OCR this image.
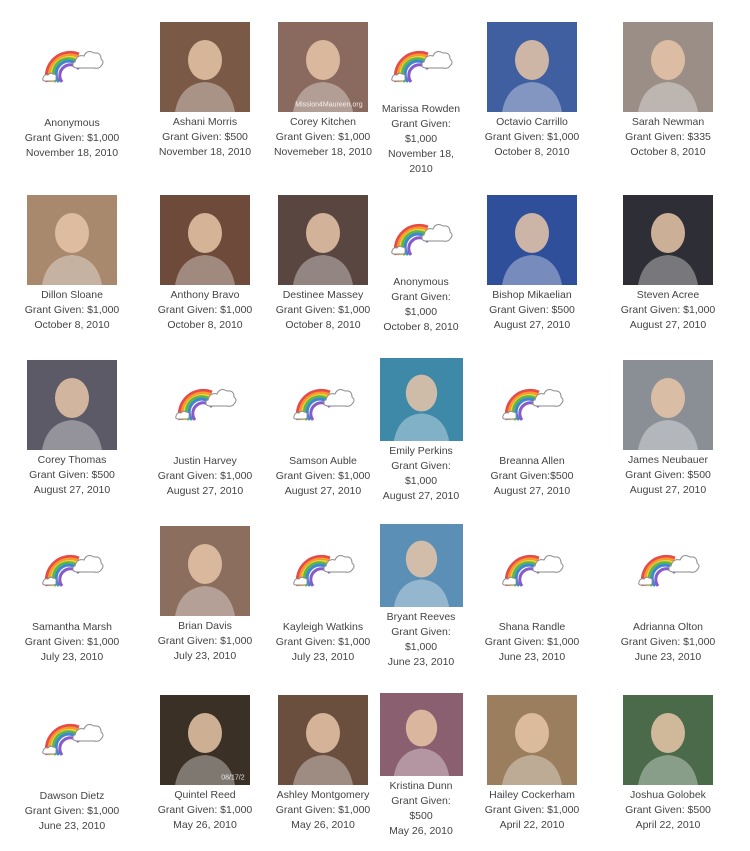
Anonymous
Grant Given: $1,000
November 18, 2010
Ashani Morris
Grant Given: $500
November 18, 2010
Mission4Maureen.org
Corey Kitchen
Grant Given: $1,000
Novemeber 18, 2010
Marissa Rowden
Grant Given:
$1,000
November 18,
2010
Octavio Carrillo
Grant Given: $1,000
October 8, 2010
Sarah Newman
Grant Given: $335
October 8, 2010
Dillon Sloane
Grant Given: $1,000
October 8, 2010
Anthony Bravo
Grant Given: $1,000
October 8, 2010
Destinee Massey
Grant Given: $1,000
October 8, 2010
Anonymous
Grant Given:
$1,000
October 8, 2010
Bishop Mikaelian
Grant Given: $500
August 27, 2010
Steven Acree
Grant Given: $1,000
August 27, 2010
Corey Thomas
Grant Given: $500
August 27, 2010
Justin Harvey
Grant Given: $1,000
August 27, 2010
Samson Auble
Grant Given: $1,000
August 27, 2010
Emily Perkins
Grant Given:
$1,000
August 27, 2010
Breanna Allen
Grant Given:$500
August 27, 2010
James Neubauer
Grant Given: $500
August 27, 2010
Samantha Marsh
Grant Given: $1,000
July 23, 2010
Brian Davis
Grant Given: $1,000
July 23, 2010
Kayleigh Watkins
Grant Given: $1,000
July 23, 2010
Bryant Reeves
Grant Given:
$1,000
June 23, 2010
Shana Randle
Grant Given: $1,000
June 23, 2010
Adrianna Olton
Grant Given: $1,000
June 23, 2010
Dawson Dietz
Grant Given: $1,000
June 23, 2010
08/17/2
Quintel Reed
Grant Given: $1,000
May 26, 2010
Ashley Montgomery
Grant Given: $1,000
May 26, 2010
Kristina Dunn
Grant Given:
$500
May 26, 2010
Hailey Cockerham
Grant Given: $1,000
April 22, 2010
Joshua Golobek
Grant Given: $500
April 22, 2010
